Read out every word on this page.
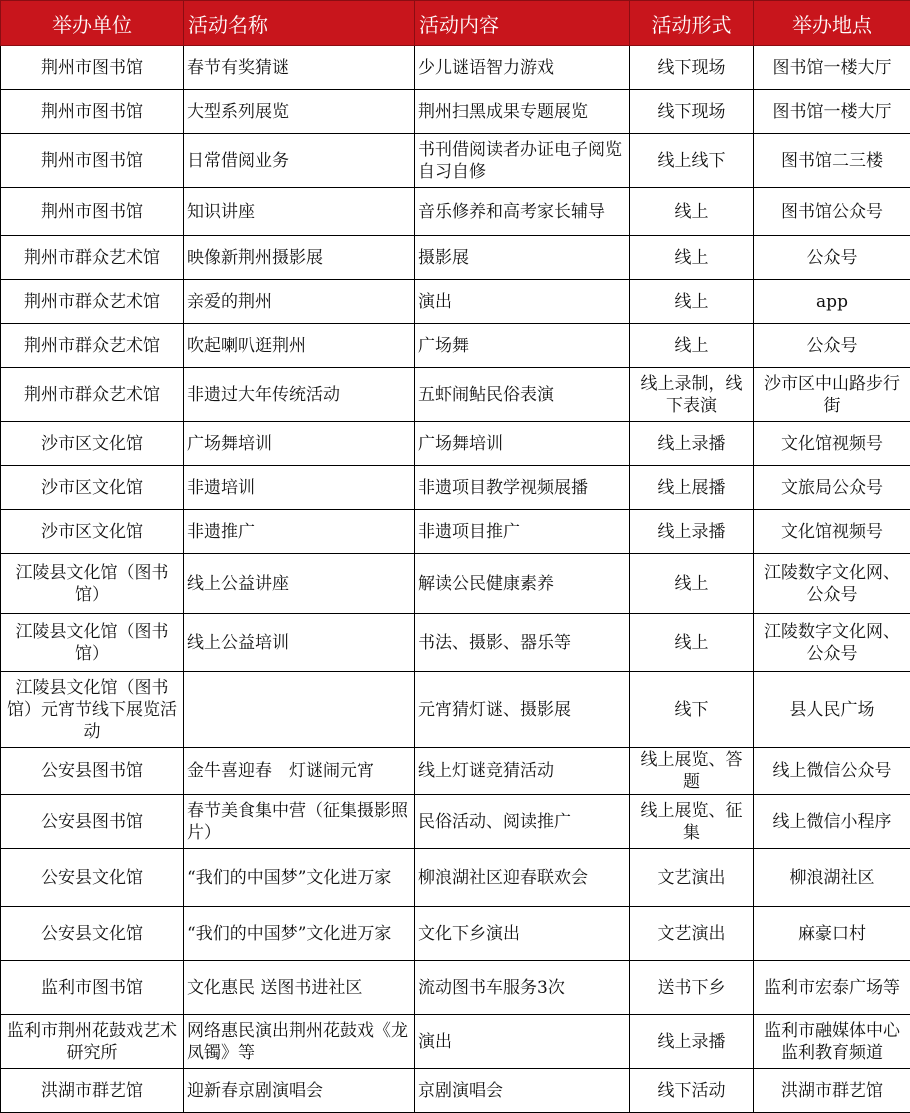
举办单位	活动名称	活动内容	活动形式	举办地点
荆州市图书馆	春节有奖猜谜	少儿谜语智力游戏	线下现场	图书馆一楼大厅
荆州市图书馆	大型系列展览	荆州扫黑成果专题展览	线下现场	图书馆一楼大厅
荆州市图书馆	日常借阅业务	书刊借阅读者办证电子阅览自习自修	线上线下	图书馆二三楼
荆州市图书馆	知识讲座	音乐修养和高考家长辅导	线上	图书馆公众号
荆州市群众艺术馆	映像新荆州摄影展	摄影展	线上	公众号
荆州市群众艺术馆	亲爱的荆州	演出	线上	app
荆州市群众艺术馆	吹起喇叭逛荆州	广场舞	线上	公众号
荆州市群众艺术馆	非遗过大年传统活动	五虾闹鲇民俗表演	线上录制，线下表演	沙市区中山路步行街
沙市区文化馆	广场舞培训	广场舞培训	线上录播	文化馆视频号
沙市区文化馆	非遗培训	非遗项目教学视频展播	线上展播	文旅局公众号
沙市区文化馆	非遗推广	非遗项目推广	线上录播	文化馆视频号
江陵县文化馆（图书馆）	线上公益讲座	解读公民健康素养	线上	江陵数字文化网、公众号
江陵县文化馆（图书馆）	线上公益培训	书法、摄影、器乐等	线上	江陵数字文化网、公众号
江陵县文化馆（图书馆）元宵节线下展览活动		元宵猜灯谜、摄影展	线下	县人民广场
公安县图书馆	金牛喜迎春　灯谜闹元宵	线上灯谜竞猜活动	线上展览、答题	线上微信公众号
公安县图书馆	春节美食集中营（征集摄影照片）	民俗活动、阅读推广	线上展览、征集	线上微信小程序
公安县文化馆	“我们的中国梦”文化进万家	柳浪湖社区迎春联欢会	文艺演出	柳浪湖社区
公安县文化馆	“我们的中国梦”文化进万家	文化下乡演出	文艺演出	麻豪口村
监利市图书馆	文化惠民 送图书进社区	流动图书车服务3次	送书下乡	监利市宏泰广场等
监利市荆州花鼓戏艺术研究所	网络惠民演出荆州花鼓戏《龙凤镯》等	演出	线上录播	监利市融媒体中心监利教育频道
洪湖市群艺馆	迎新春京剧演唱会	京剧演唱会	线下活动	洪湖市群艺馆
